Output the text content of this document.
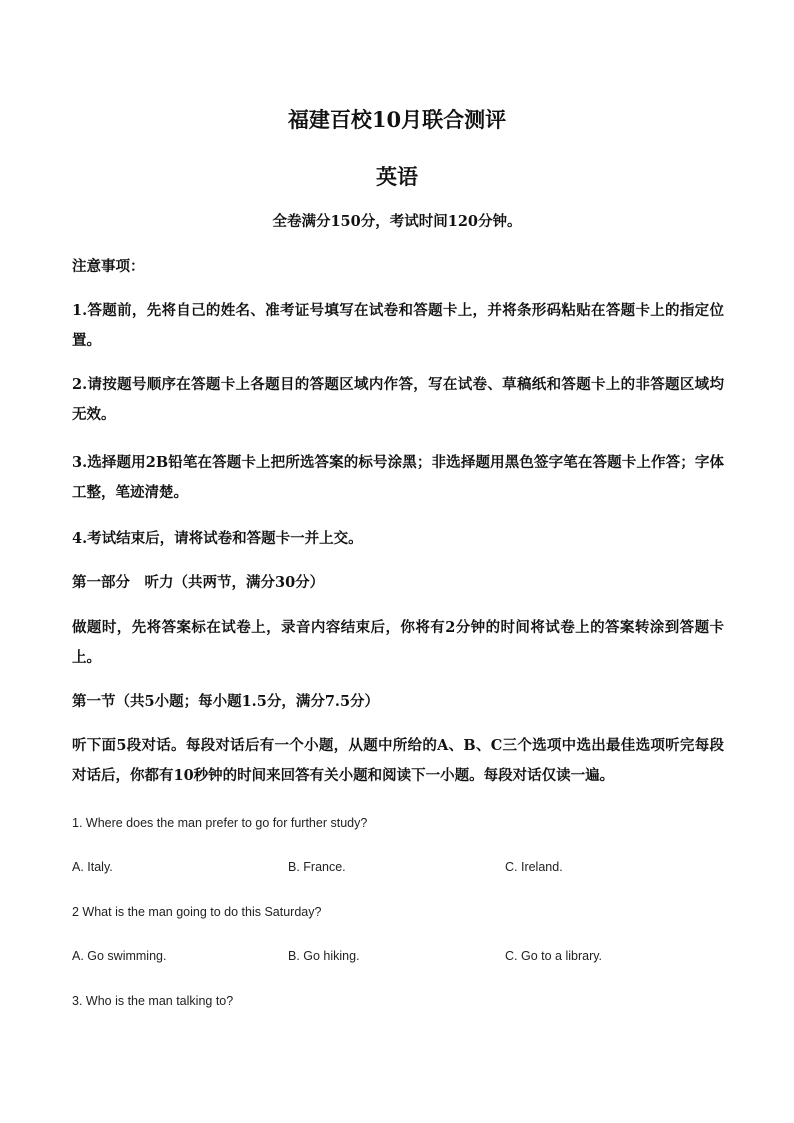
福建百校10月联合测评
英语
全卷满分150分，考试时间120分钟。

注意事项：

1.答题前，先将自己的姓名、准考证号填写在试卷和答题卡上，并将条形码粘贴在答题卡上的指定位置。

2.请按题号顺序在答题卡上各题目的答题区域内作答，写在试卷、草稿纸和答题卡上的非答题区域均无效。

3.选择题用2B铅笔在答题卡上把所选答案的标号涂黑；非选择题用黑色签字笔在答题卡上作答；字体工整，笔迹清楚。

4.考试结束后，请将试卷和答题卡一并上交。

第一部分　听力（共两节，满分30分）

做题时，先将答案标在试卷上，录音内容结束后，你将有2分钟的时间将试卷上的答案转涂到答题卡上。

第一节（共5小题；每小题1.5分，满分7.5分）

听下面5段对话。每段对话后有一个小题，从题中所给的A、B、C三个选项中选出最佳选项听完每段对话后，你都有10秒钟的时间来回答有关小题和阅读下一小题。每段对话仅读一遍。

1. Where does the man prefer to go for further study?
A. Italy.	B. France.	C. Ireland.
2 What is the man going to do this Saturday?
A. Go swimming.	B. Go hiking.	C. Go to a library.
3. Who is the man talking to?
